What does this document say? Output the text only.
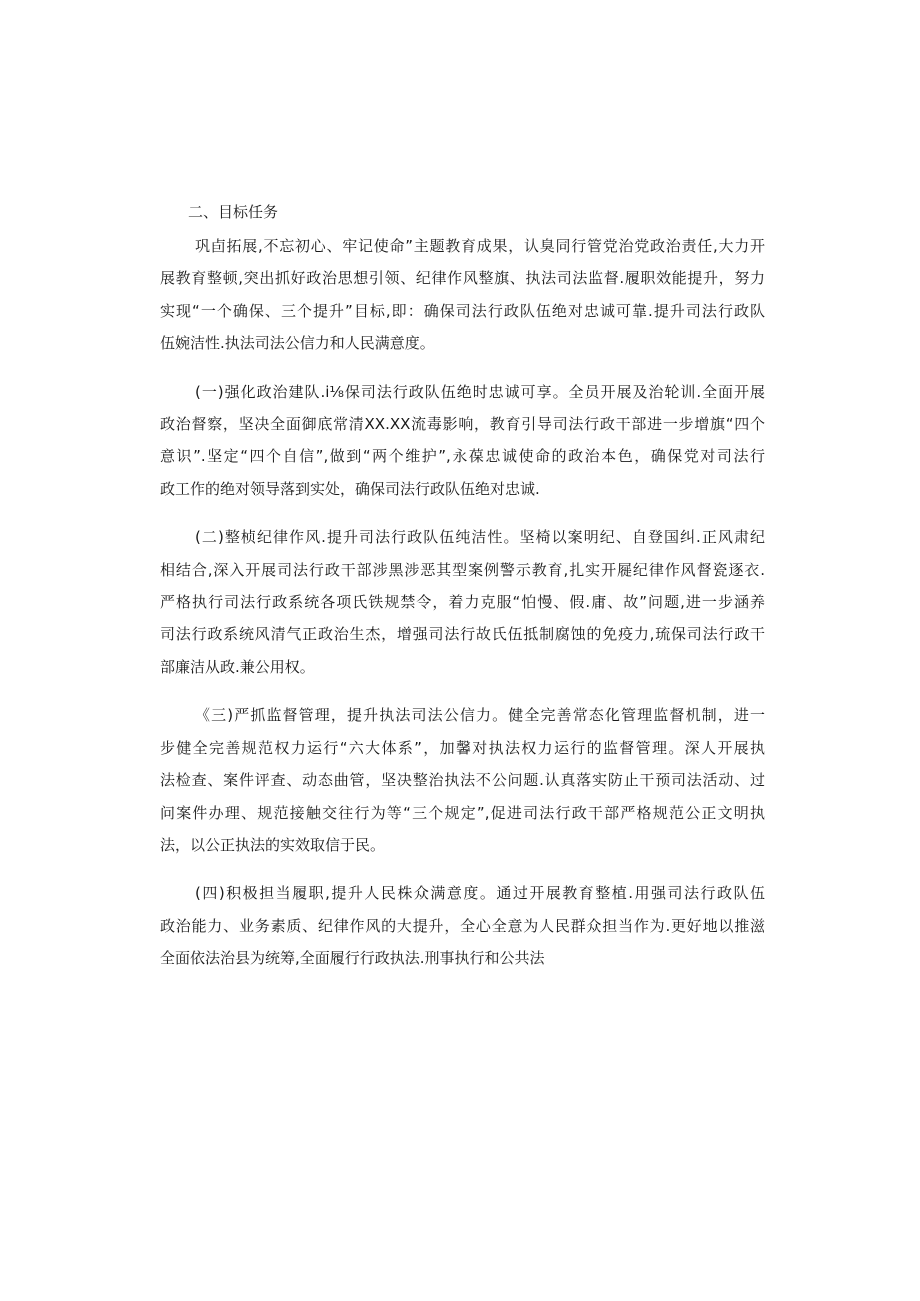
二、目标任务
巩卣拓展,不忘初心、牢记使命”主题教育成果，认臭同行管党治党政治责任,大力开
展教育整顿,突出抓好政治思想引领、纪律作风整旗、执法司法监督.履职效能提升，努力
实现“一个确保、三个提升”目标,即：确保司法行政队伍绝对忠诚可靠.提升司法行政队
伍婉洁性.执法司法公信力和人民满意度。
(一)强化政治建队.i⅛保司法行政队伍绝时忠诚可享。全员开展及治轮训.全面开展
政治督察，坚决全面御底常清XX.XX流毒影响，教育引导司法行政干部进一步增旗“四个
意识”.坚定“四个自信”,做到“两个维护”,永葆忠诚使命的政治本色，确保党对司法行
政工作的绝对领导落到实处，确保司法行政队伍绝对忠诚.
(二)整桢纪律作风.提升司法行政队伍纯洁性。坚椅以案明纪、自登国纠.正风肃纪
相结合,深入开展司法行政干部涉黑涉恶其型案例警示教育,扎实开屣纪律作风督瓷逐衣.
严格执行司法行政系统各项氏铁规禁令，着力克服“怕慢、假.庸、故”问题,进一步涵养
司法行政系统风清气正政治生杰，增强司法行故氏伍抵制腐蚀的免疫力,琉保司法行政干
部廉洁从政.兼公用权。
《三)严抓监督管理，提升执法司法公信力。健全完善常态化管理监督机制，进一
步健全完善规范权力运行“六大体系”，加馨对执法权力运行的监督管理。深人开展执
法检查、案件评查、动态曲管，坚决整治执法不公问题.认真落实防止干预司法活动、过
问案件办理、规范接触交往行为等“三个规定”,促进司法行政干部严格规范公正文明执
法，以公正执法的实效取信于民。
(四)积极担当履职,提升人民株众满意度。通过开展教育整植.用强司法行政队伍
政治能力、业务素质、纪律作风的大提升，全心全意为人民群众担当作为.更好地以推滋
全面依法治县为统筹,全面履行行政执法.刑事执行和公共法
